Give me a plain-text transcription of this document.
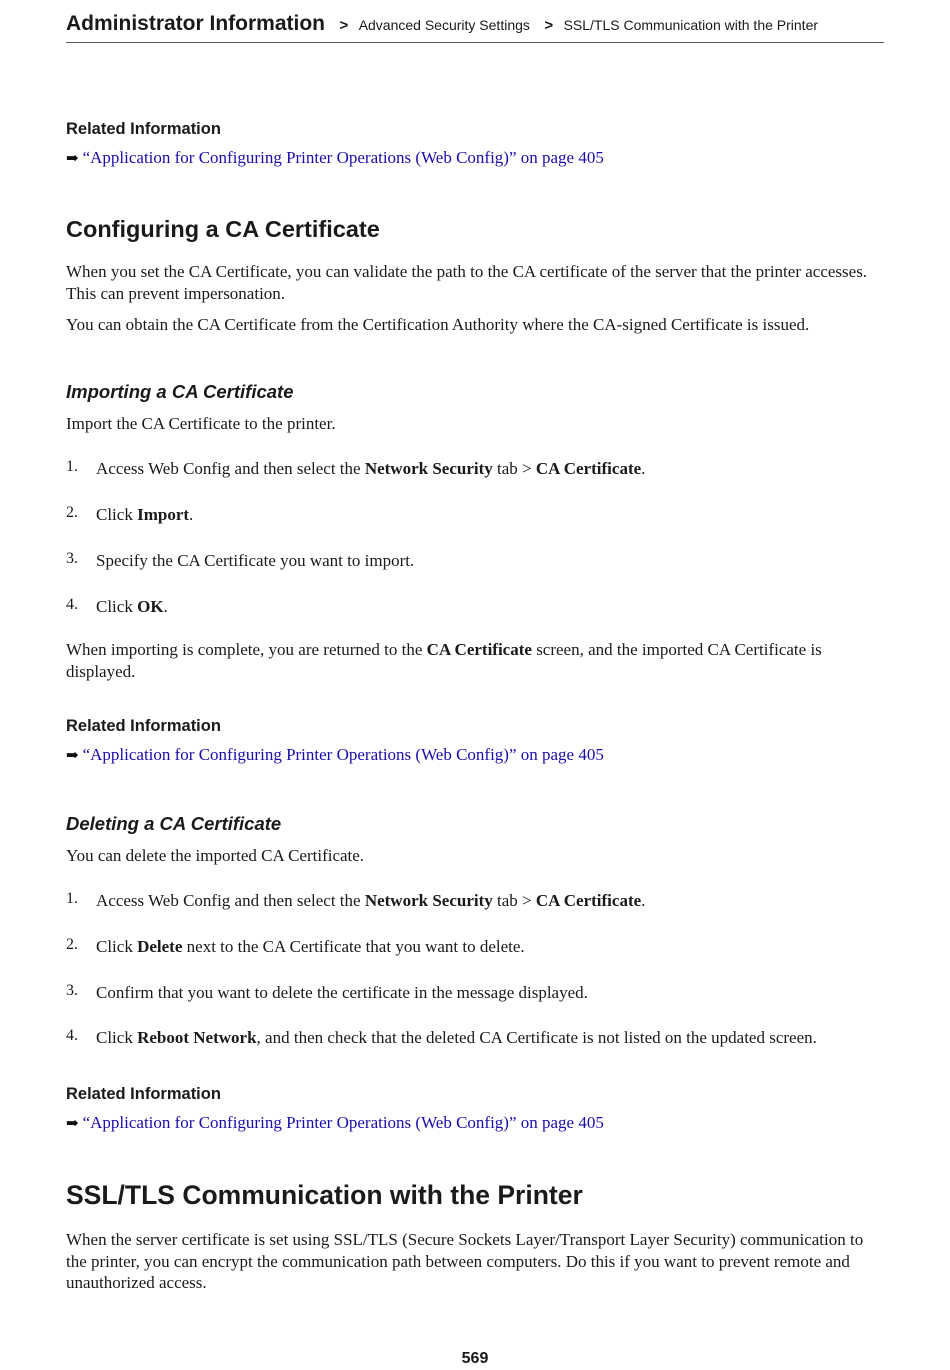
Administrator Information > Advanced Security Settings > SSL/TLS Communication with the Printer
Related Information
➡ “Application for Configuring Printer Operations (Web Config)” on page 405
Configuring a CA Certificate
When you set the CA Certificate, you can validate the path to the CA certificate of the server that the printer accesses. This can prevent impersonation.
You can obtain the CA Certificate from the Certification Authority where the CA-signed Certificate is issued.
Importing a CA Certificate
Import the CA Certificate to the printer.
1. Access Web Config and then select the Network Security tab > CA Certificate.
2. Click Import.
3. Specify the CA Certificate you want to import.
4. Click OK.
When importing is complete, you are returned to the CA Certificate screen, and the imported CA Certificate is displayed.
Related Information
➡ “Application for Configuring Printer Operations (Web Config)” on page 405
Deleting a CA Certificate
You can delete the imported CA Certificate.
1. Access Web Config and then select the Network Security tab > CA Certificate.
2. Click Delete next to the CA Certificate that you want to delete.
3. Confirm that you want to delete the certificate in the message displayed.
4. Click Reboot Network, and then check that the deleted CA Certificate is not listed on the updated screen.
Related Information
➡ “Application for Configuring Printer Operations (Web Config)” on page 405
SSL/TLS Communication with the Printer
When the server certificate is set using SSL/TLS (Secure Sockets Layer/Transport Layer Security) communication to the printer, you can encrypt the communication path between computers. Do this if you want to prevent remote and unauthorized access.
569
